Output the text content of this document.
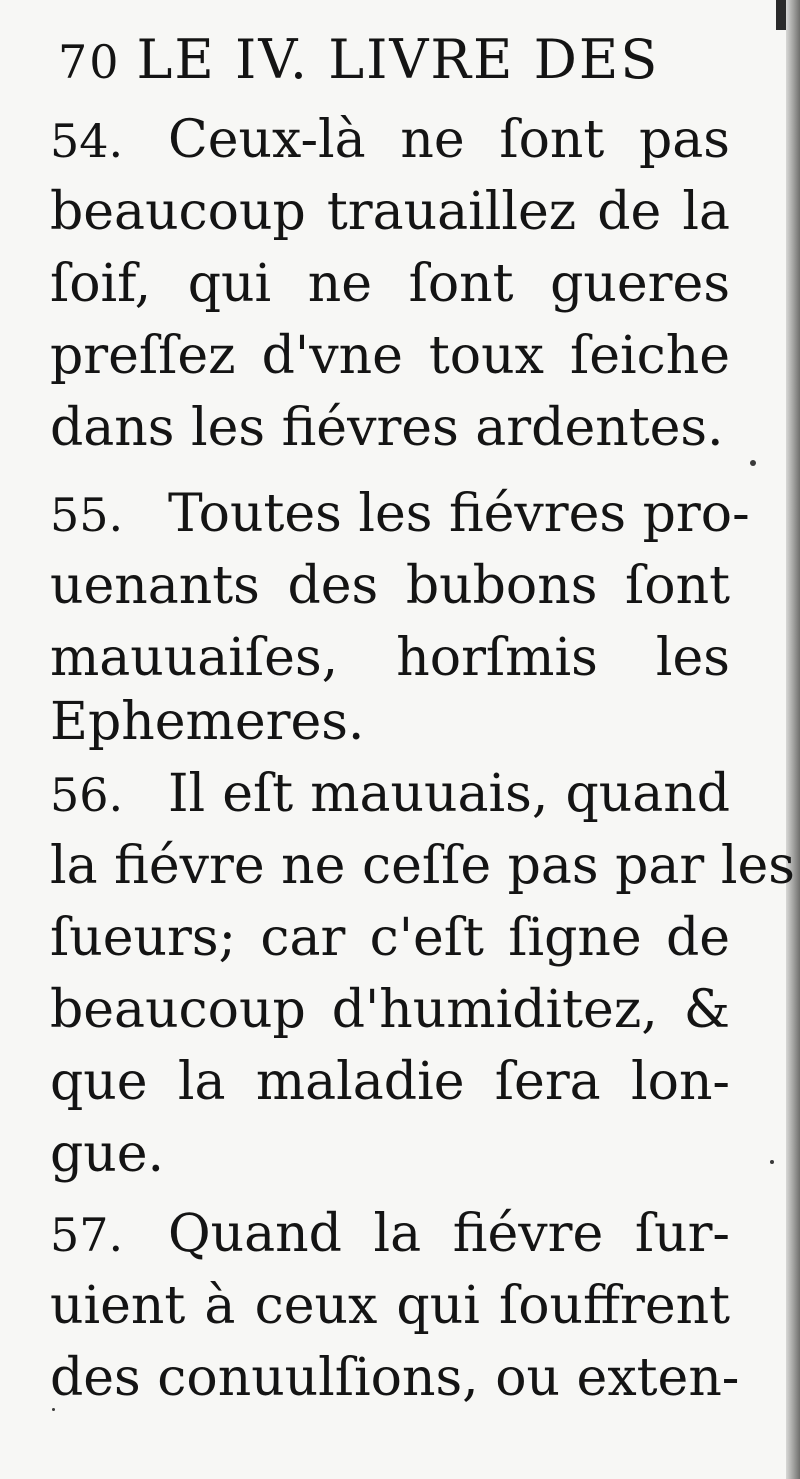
70 LE IV. LIVRE DES
54. Ceux-là ne ſont pas
beaucoup trauaillez de la
ſoif, qui ne ſont gueres
preſſez d'vne toux ſeiche
dans les fiévres ardentes.
55. Toutes les fiévres pro-
uenants des bubons ſont
mauuaiſes, horſmis les
Ephemeres.
56. Il eſt mauuais, quand
la fiévre ne ceſſe pas par les
ſueurs; car c'eſt ſigne de
beaucoup d'humiditez, &
que la maladie ſera lon-
gue.
57. Quand la fiévre ſur-
uient à ceux qui ſouffrent
des conuulſions, ou exten-
